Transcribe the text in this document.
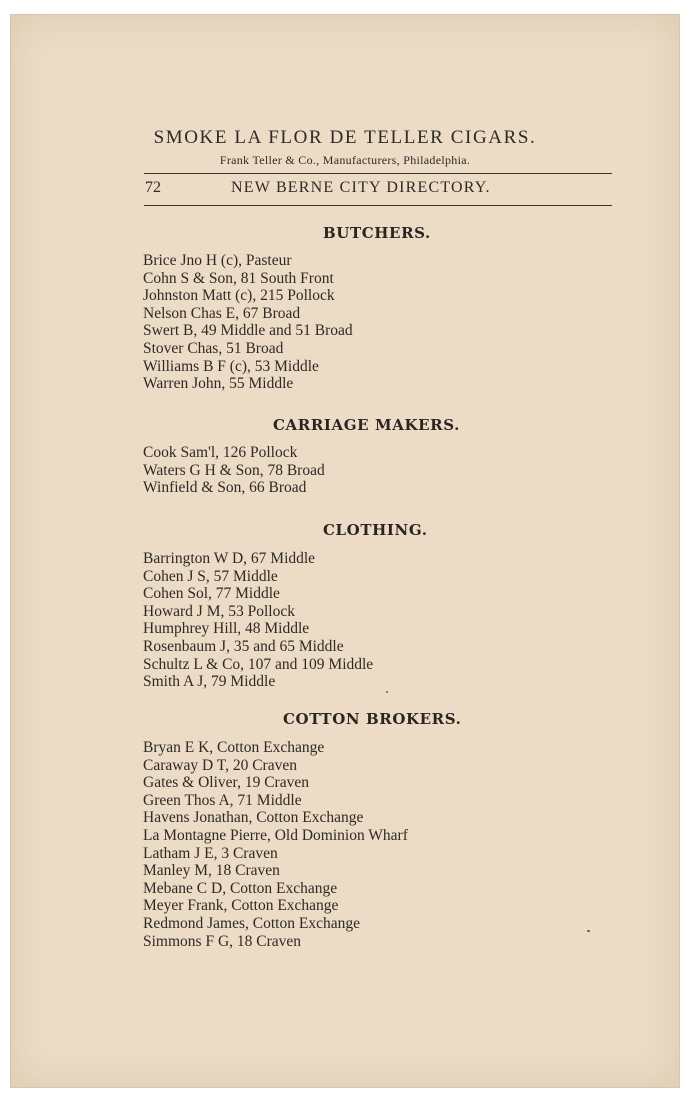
SMOKE LA FLOR DE TELLER CIGARS.
Frank Teller & Co., Manufacturers, Philadelphia.
72	NEW BERNE CITY DIRECTORY.
BUTCHERS.
Brice Jno H (c), Pasteur
Cohn S & Son, 81 South Front
Johnston Matt (c), 215 Pollock
Nelson Chas E, 67 Broad
Swert B, 49 Middle and 51 Broad
Stover Chas, 51 Broad
Williams B F (c), 53 Middle
Warren John, 55 Middle
CARRIAGE MAKERS.
Cook Sam'l, 126 Pollock
Waters G H & Son, 78 Broad
Winfield & Son, 66 Broad
CLOTHING.
Barrington W D, 67 Middle
Cohen J S, 57 Middle
Cohen Sol, 77 Middle
Howard J M, 53 Pollock
Humphrey Hill, 48 Middle
Rosenbaum J, 35 and 65 Middle
Schultz L & Co, 107 and 109 Middle
Smith A J, 79 Middle
COTTON BROKERS.
Bryan E K, Cotton Exchange
Caraway D T, 20 Craven
Gates & Oliver, 19 Craven
Green Thos A, 71 Middle
Havens Jonathan, Cotton Exchange
La Montagne Pierre, Old Dominion Wharf
Latham J E, 3 Craven
Manley M, 18 Craven
Mebane C D, Cotton Exchange
Meyer Frank, Cotton Exchange
Redmond James, Cotton Exchange
Simmons F G, 18 Craven
